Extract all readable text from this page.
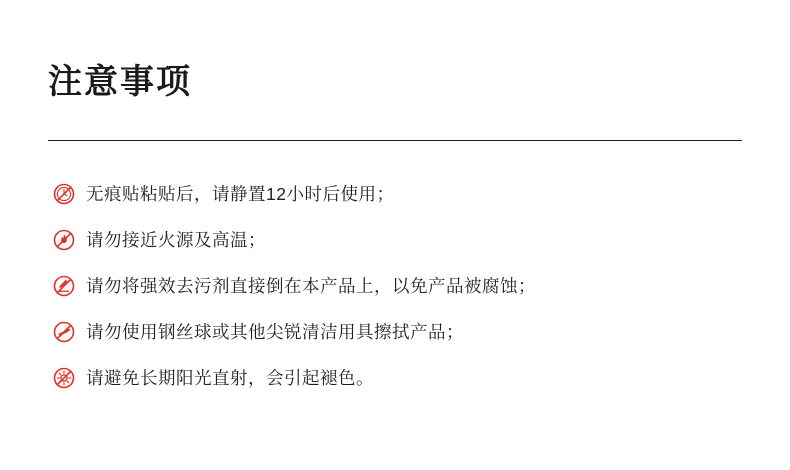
注意事项
无痕贴粘贴后，请静置12小时后使用；
请勿接近火源及高温；
请勿将强效去污剂直接倒在本产品上，以免产品被腐蚀；
请勿使用钢丝球或其他尖锐清洁用具擦拭产品；
请避免长期阳光直射，会引起褪色。
